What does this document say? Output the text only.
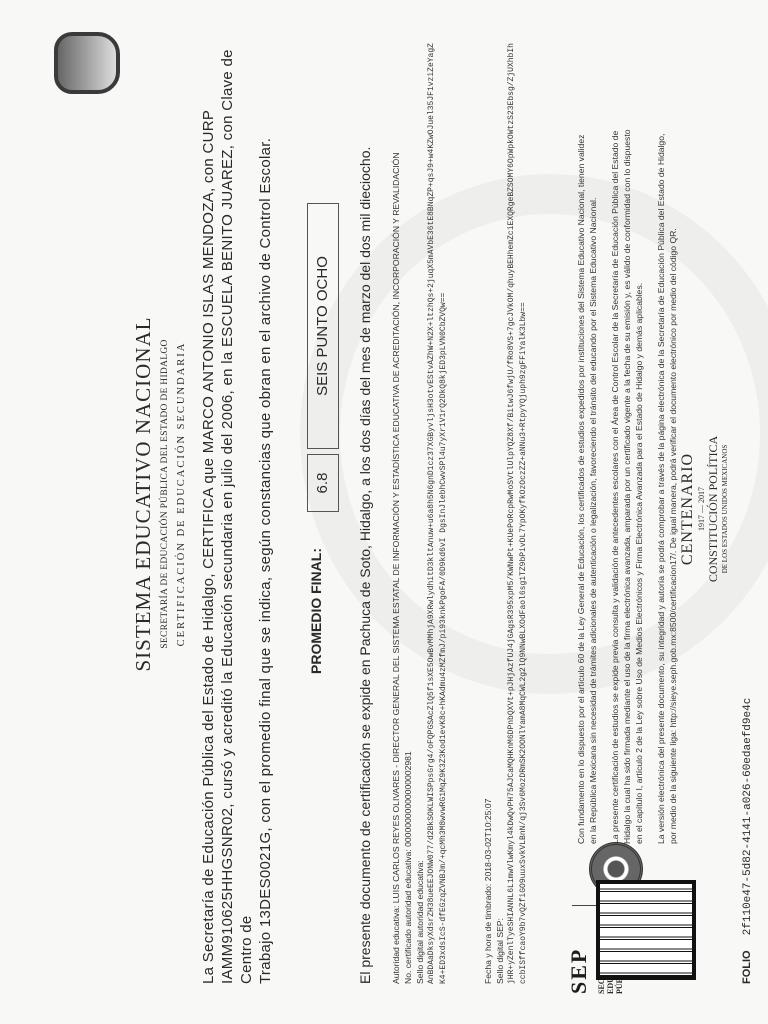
SEP
SISTEMA EDUCATIVO NACIONAL SECRETARÍA DE EDUCACIÓN PÚBLICA DEL ESTADO DE HIDALGO CERTIFICACIÓN DE EDUCACIÓN SECUNDARIA La Secretaría de Educación Pública del Estado de Hidalgo, CERTIFICA que MARCO ANTONIO ISLAS MENDOZA, con CURP IAMM910625HHGSNR02, cursó y acreditó la Educación secundaria en julio del 2006, en la ESCUELA BENITO JUAREZ, con Clave de Centro de Trabajo 13DES0021G, con el promedio final que se indica, según constancias que obran en el archivo de Control Escolar. PROMEDIO FINAL:
6.8
SEIS PUNTO OCHO	El presente documento de certificación se expide en Pachuca de Soto, Hidalgo, a los dos días del mes de marzo del dos mil dieciocho. Autoridad educativa: LUIS CARLOS REYES OLIVARES - DIRECTOR GENERAL DEL SISTEMA ESTATAL DE INFORMACIÓN Y ESTADÍSTICA EDUCATIVA DE ACREDITACIÓN, INCORPORACIÓN Y REVALIDACIÓN No. certificado autoridad educativa: 00000000000000002981 Sello digital autoridad educativa: AnBDAaDksyXdsrZH38ueEEJONW077/d2BkSOKLWISPpsGrg4/oFQPGSAcZlQ5f1sXE5OwBvMMhjA9XRwlydhitD3kltAnuw+u6a8h5N6gnD1cz37XGByvljsH3otvEStvAZhW+N2X+ltzhQs+2juqX5mAVbE36tE8BNqZP+qsJ9+w4KZwOJuel35JF1vziZeYagZK4+ED3xdsIcS-dfEGzqZVNBJm/+qcMh3M8wvwRG1MqZ9K3Z3Kod1evK8c+hKAdmu4zMZfmJ/pi93knkPgoFA/0D9kd6vI DgsInJlebhCwvSPl4u7yXr1V1rQ2DkQ8kjED3pLVN0CbZVQw==	Fecha y hora de timbrado: 2018-03-02T10:25:07 Sello digital SEP: jHR+yZenlTyeSHIANNL6L1mwVlwKmyl4kDwQvPH75AJCaMQHKnM6DPnbQXVt+pJHjAzfUJ4jGAgsR395xpM5/KWNwPt+KUePoRcpRwMoSVtlUlpYQZ8Xf/BitwJ6fwjU/fRo8VS+7gcJVkOM/qhuyBEHhemZciEXQRgeBZSOMY6OpWpkOWtzS23Ebsg/ZjUXhbIhccbISffcaoY9b7vQZfiGO9uuxSvkVLBnN/qj3Sv6MozDRmSK2OONlYamA8MqCWL2g2lQ9NNwBLXOdFaol6sg1TZ9bPivDL7YpOKyfkOzOczZZ+aNNu3+RtpyYQjuph9zgFFiYalK3Lbw==	Con fundamento en lo dispuesto por el artículo 60 de la Ley General de Educación, los certificados de estudios expedidos por instituciones del Sistema Educativo Nacional, tienen validez en la República Mexicana sin necesidad de trámites adicionales de autenticación o legalización, favoreciendo el tránsito del educando por el Sistema Educativo Nacional. La presente certificación de estudios se expide previa consulta y validación de antecedentes escolares con el Área de Control Escolar de la Secretaría de Educación Pública del Estado de Hidalgo la cual ha sido firmada mediante el uso de la firma electrónica avanzada, amparada por un certificado vigente a la fecha de su emisión y, es válido de conformidad con lo dispuesto en el capítulo I, artículo 2 de la Ley sobre Uso de Medios Electrónicos y Firma Electrónica Avanzada para el Estado de Hidalgo y demás aplicables. La versión electrónica del presente documento, su integridad y autoría se podrá comprobar a través de la página electrónica de la Secretaría de Educación Pública del Estado de Hidalgo, por medio de la siguiente liga: http://sieye.seph.gob.mx:8500/certificacion17/. De igual manera, podrá verificar el documento electrónico por medio del código QR. CENTENARIO 1917 — 2017 CONSTITUCIÓN POLÍTICA DE LOS ESTADOS UNIDOS MEXICANOS
FOLIO 2f110e47-5d82-4141-a026-60edaefd9e4c
